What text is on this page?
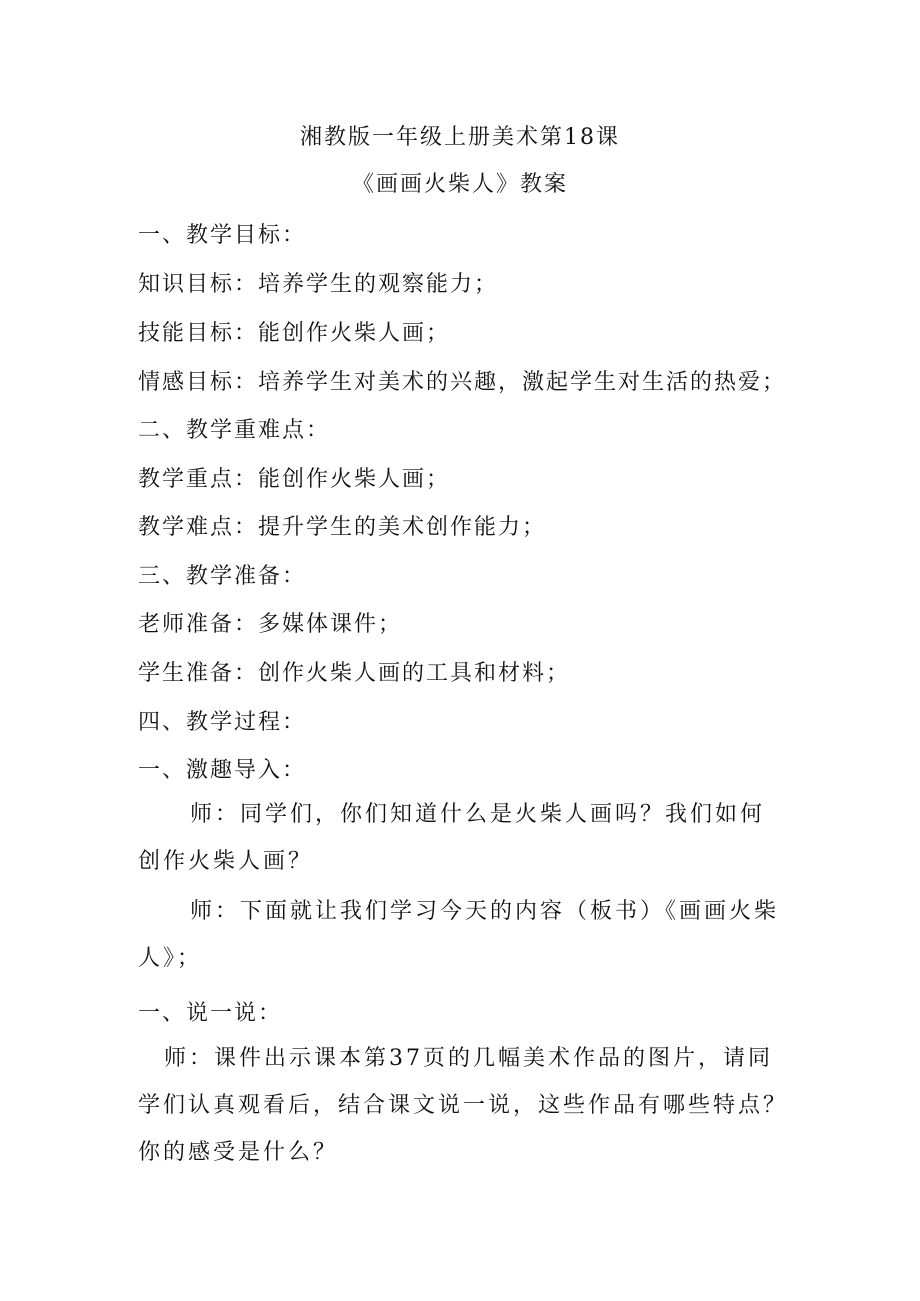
湘教版一年级上册美术第18课
《画画火柴人》教案
一、教学目标：
知识目标：培养学生的观察能力；
技能目标：能创作火柴人画；
情感目标：培养学生对美术的兴趣，激起学生对生活的热爱；
二、教学重难点：
教学重点：能创作火柴人画；
教学难点：提升学生的美术创作能力；
三、教学准备：
老师准备：多媒体课件；
学生准备：创作火柴人画的工具和材料；
四、教学过程：
一、激趣导入：
师：同学们，你们知道什么是火柴人画吗？我们如何创作火柴人画？
师：下面就让我们学习今天的内容（板书）《画画火柴人》；
一、说一说：
师：课件出示课本第37页的几幅美术作品的图片，请同学们认真观看后，结合课文说一说，这些作品有哪些特点？你的感受是什么？
